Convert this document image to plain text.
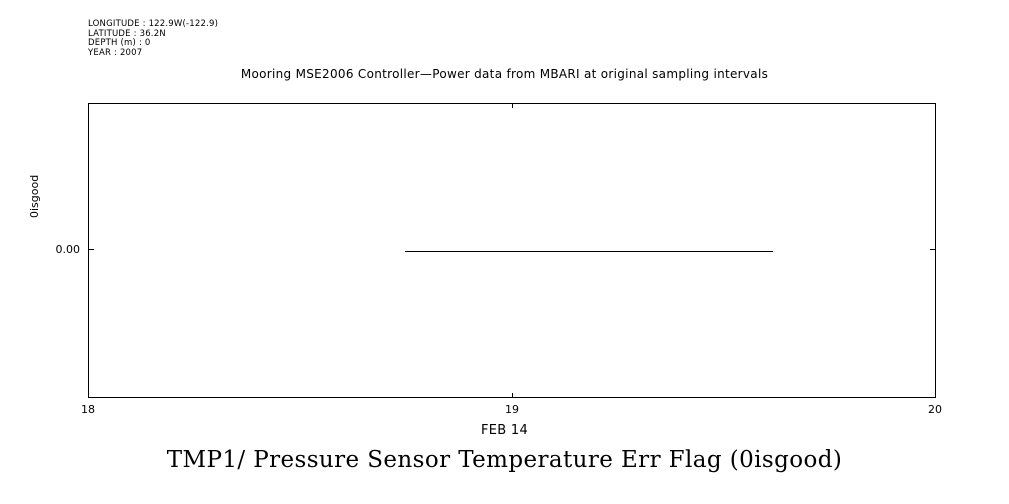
LONGITUDE : 122.9W(-122.9)
LATITUDE : 36.2N
DEPTH (m) : 0
YEAR : 2007
Mooring MSE2006 Controller—Power data from MBARI at original sampling intervals
0.00
18	19	20
FEB 14
0isgood
TMP1/ Pressure Sensor Temperature Err Flag (0isgood)
